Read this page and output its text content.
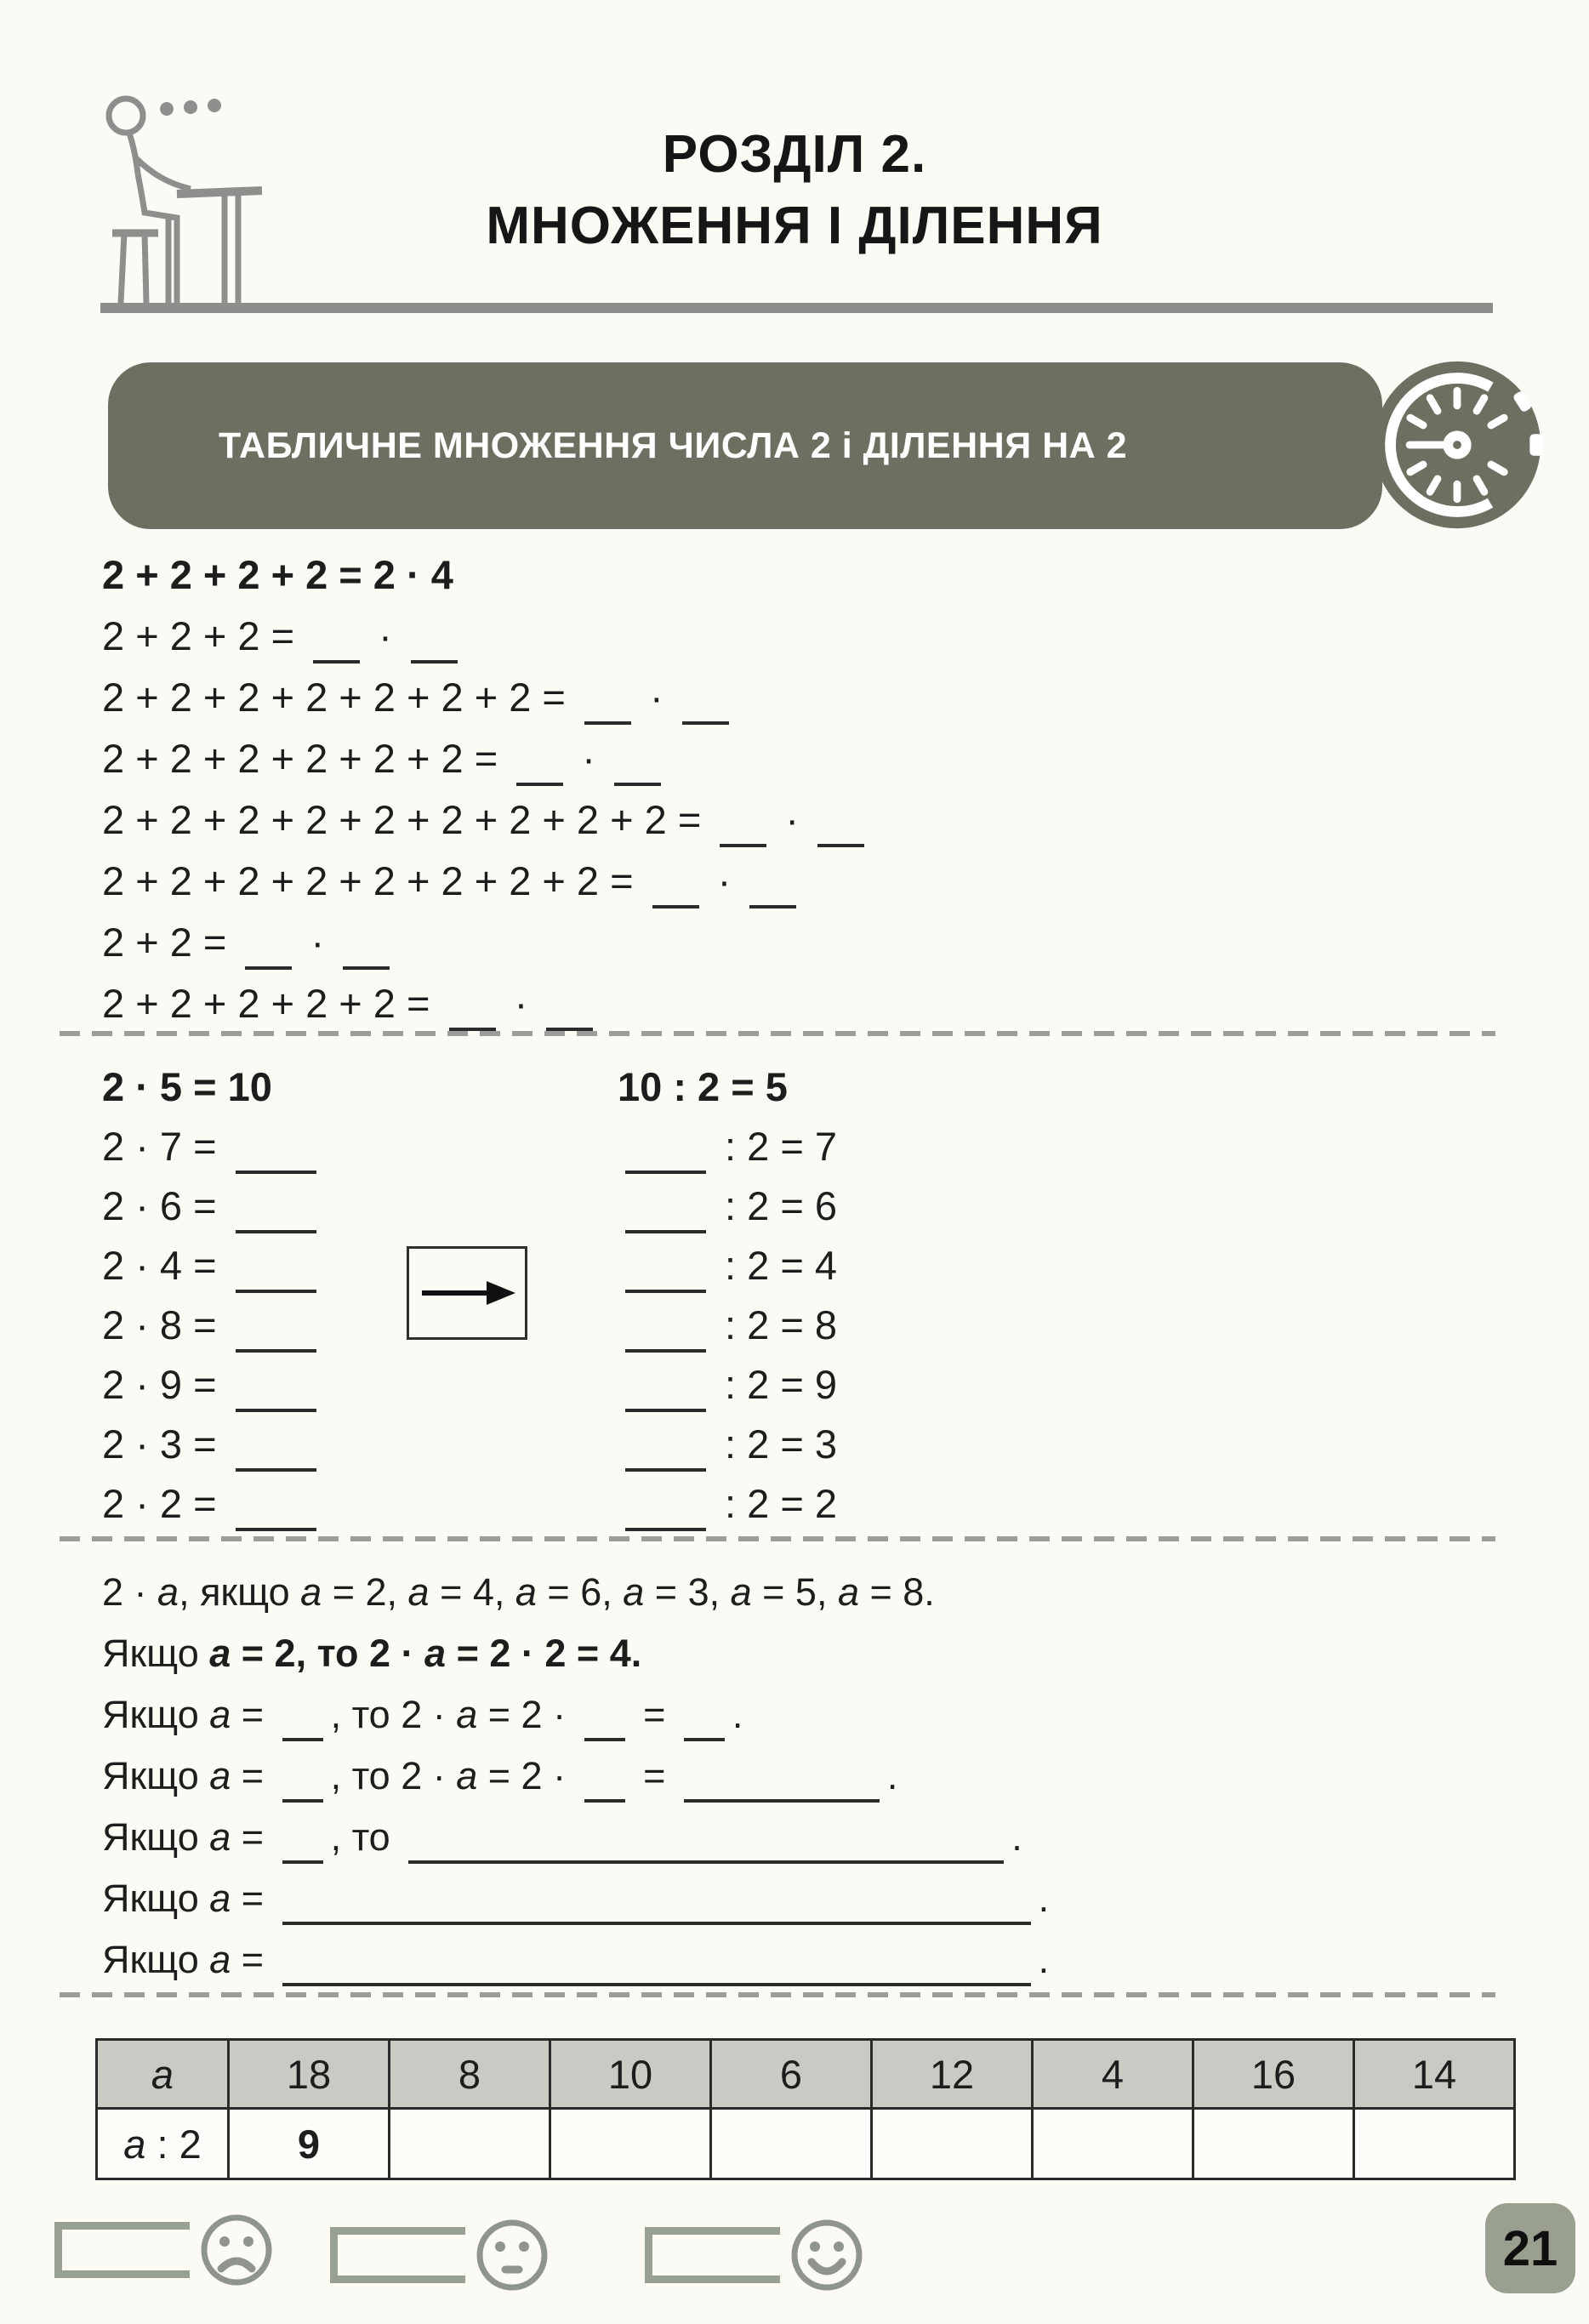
РОЗДІЛ 2.
МНОЖЕННЯ І ДІЛЕННЯ
ТАБЛИЧНЕ МНОЖЕННЯ ЧИСЛА 2 і ДІЛЕННЯ НА 2
2 + 2 + 2 + 2 = 2 · 4
2 + 2 + 2 =  ·
2 + 2 + 2 + 2 + 2 + 2 + 2 =  ·
2 + 2 + 2 + 2 + 2 + 2 =  ·
2 + 2 + 2 + 2 + 2 + 2 + 2 + 2 + 2 =  ·
2 + 2 + 2 + 2 + 2 + 2 + 2 + 2 =  ·
2 + 2 =  ·
2 + 2 + 2 + 2 + 2 =  ·
2 · 5 = 10	10 : 2 = 5
2 · 7 =	: 2 = 7
2 · 6 =	: 2 = 6
2 · 4 =	: 2 = 4
2 · 8 =	: 2 = 8
2 · 9 =	: 2 = 9
2 · 3 =	: 2 = 3
2 · 2 =	: 2 = 2
2 · a, якщо a = 2, a = 4, a = 6, a = 3, a = 5, a = 8.
Якщо a = 2, то 2 · a = 2 · 2 = 4.
Якщо a = , то 2 · a = 2 ·  = .
Якщо a = , то 2 · a = 2 ·  =	.
Якщо a = , то	.
Якщо a =	.
Якщо a =	.
a	18	8	10	6	12	4	16	14
a : 2	9							
21
